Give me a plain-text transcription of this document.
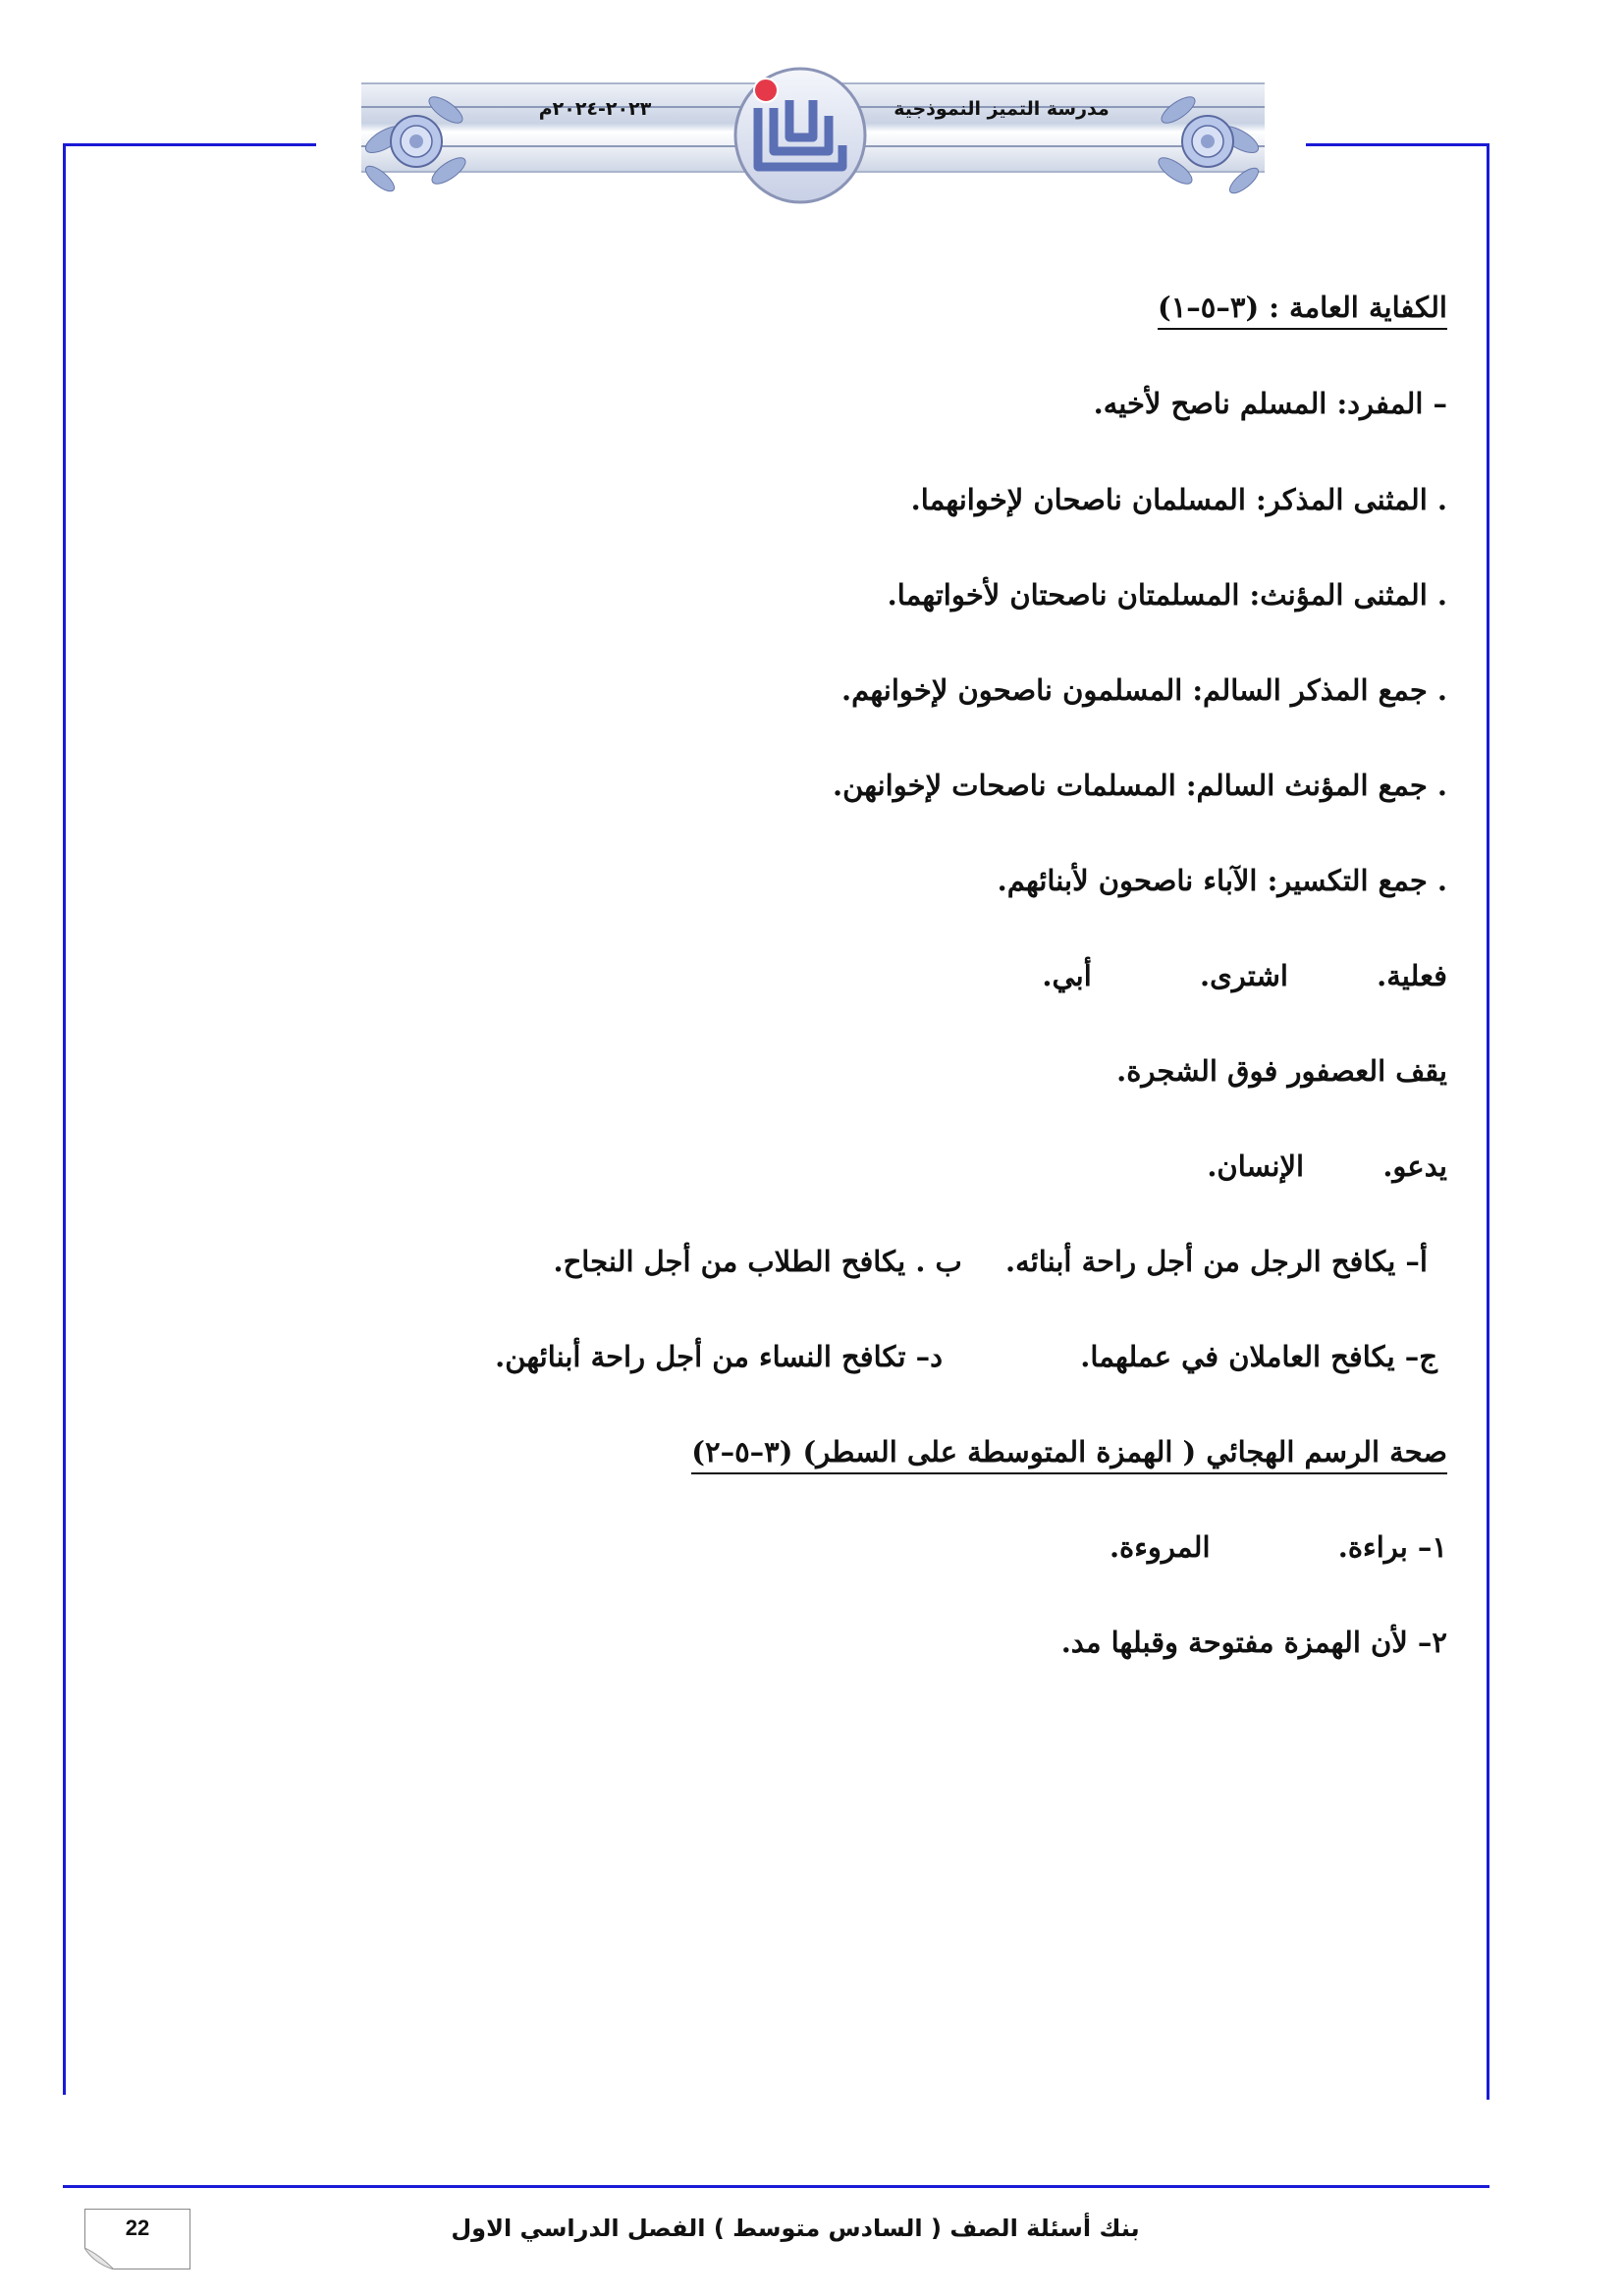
مدرسة التميز النموذجية
٢٠٢٣-٢٠٢٤م
الكفاية العامة : (٣–٥–١)
– المفرد: المسلم ناصح لأخيه.
. المثنى المذكر: المسلمان ناصحان لإخوانهما.
. المثنى المؤنث: المسلمتان ناصحتان لأخواتهما.
. جمع المذكر السالم: المسلمون ناصحون لإخوانهم.
. جمع المؤنث السالم: المسلمات ناصحات لإخوانهن.
. جمع التكسير: الآباء ناصحون لأبنائهم.
فعلية.  اشترى.  أبي.
يقف العصفور فوق الشجرة.
يدعو.  الإنسان.
أ– يكافح الرجل من أجل راحة أبنائه.  ب . يكافح الطلاب من أجل النجاح.
ج– يكافح العاملان في عملهما.  د– تكافح النساء من أجل راحة أبنائهن.
صحة الرسم الهجائي ( الهمزة المتوسطة على السطر) (٣–٥–٢)
١– براءة.  المروءة.
٢– لأن الهمزة مفتوحة وقبلها مد.
22	بنك أسئلة الصف ( السادس متوسط ) الفصل الدراسي الاول
